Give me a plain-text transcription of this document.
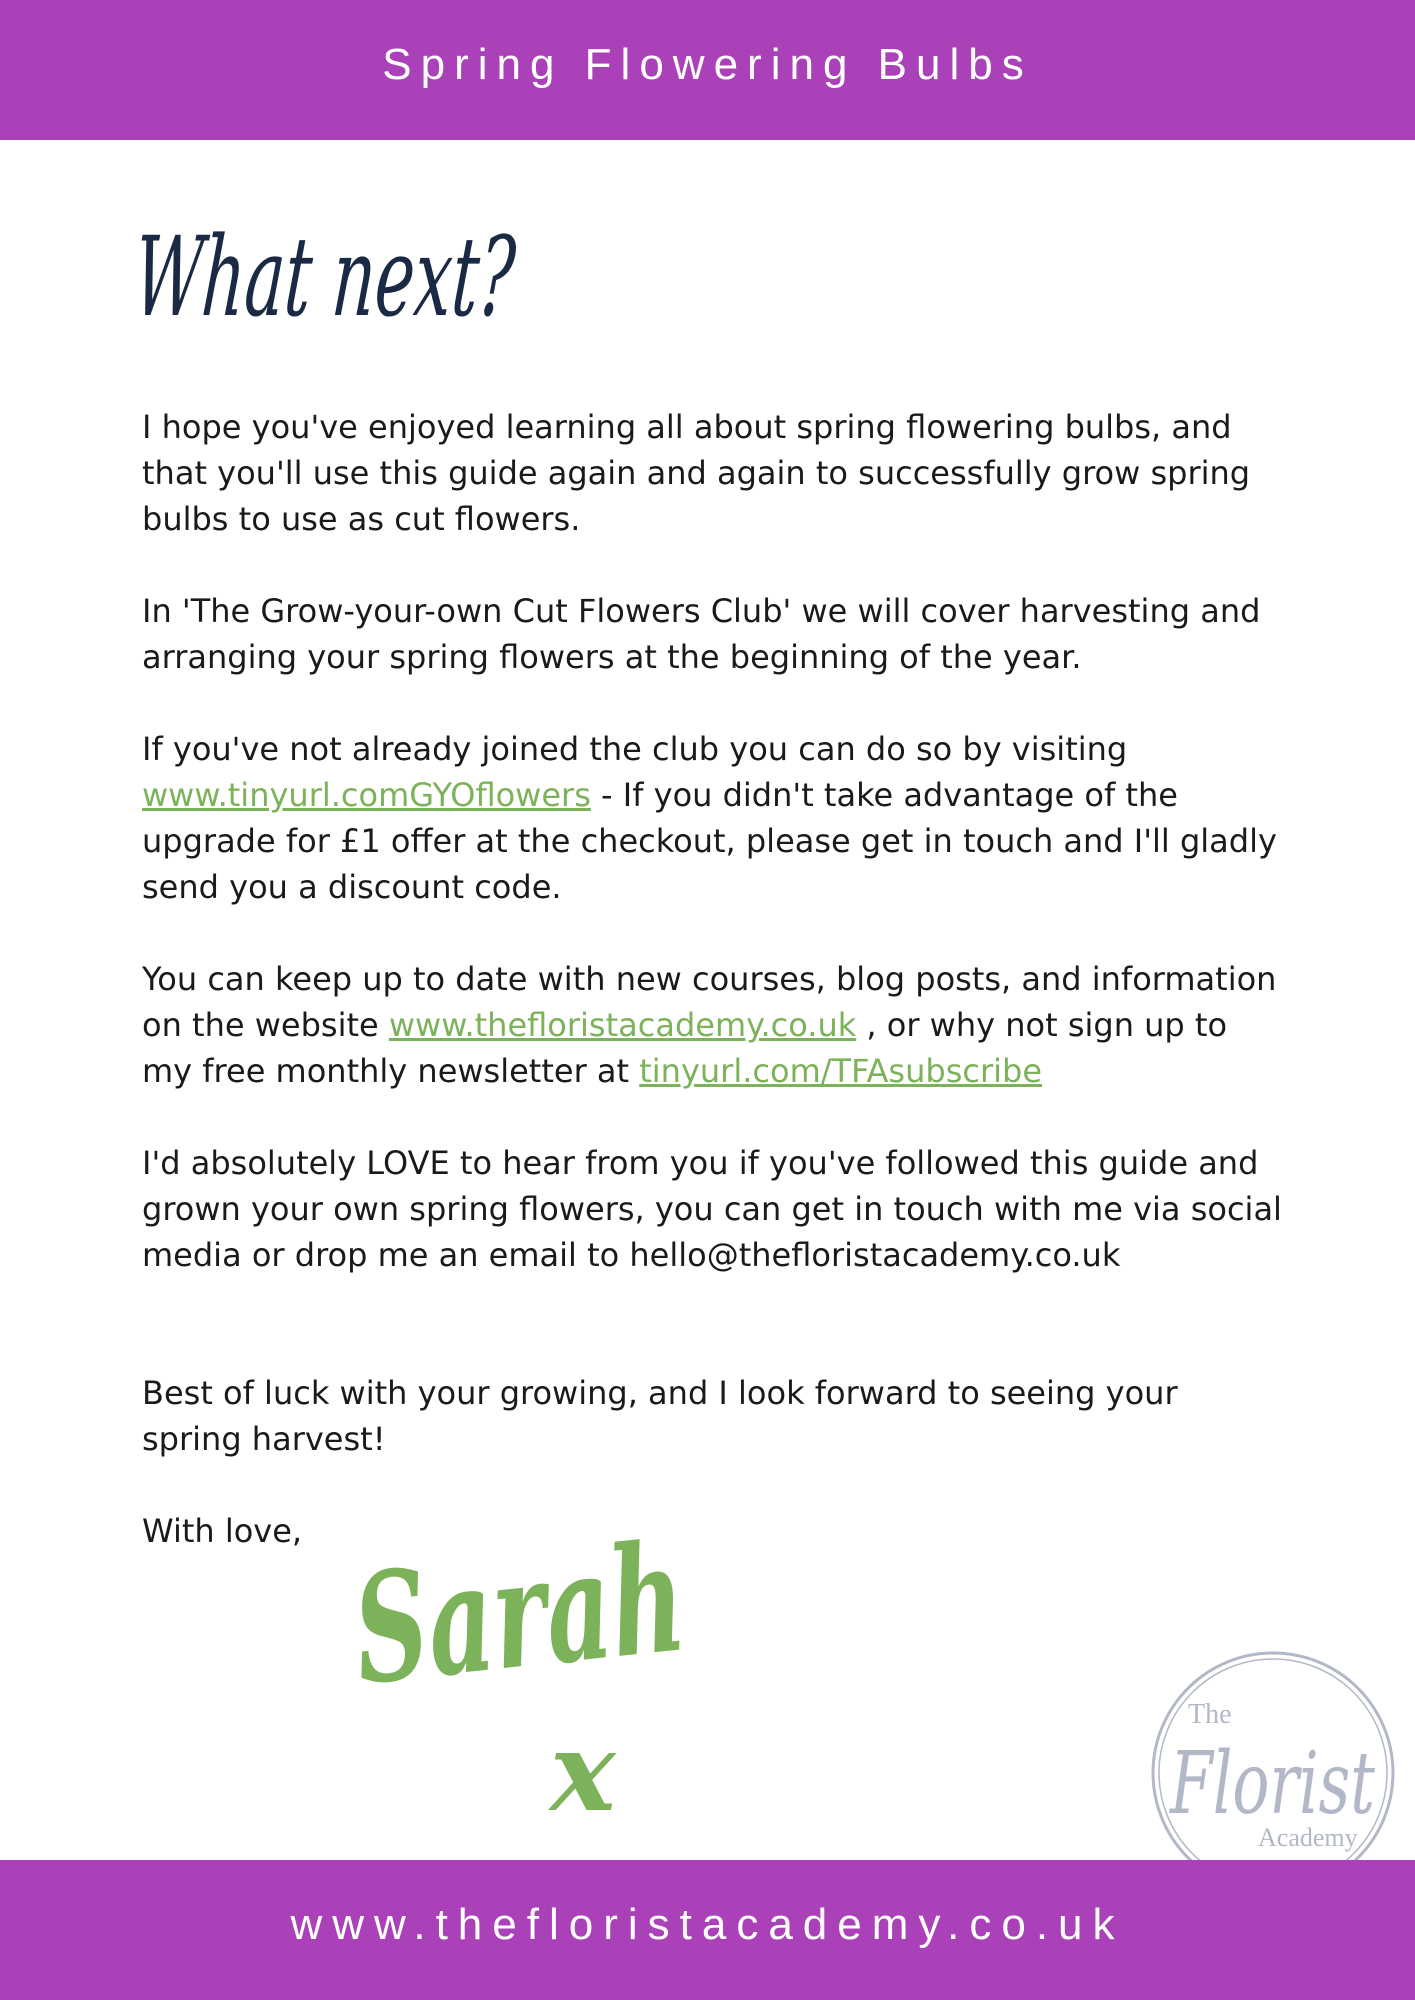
Spring Flowering Bulbs
What next?

I hope you've enjoyed learning all about spring flowering bulbs, and that you'll use this guide again and again to successfully grow spring bulbs to use as cut flowers.

In 'The Grow-your-own Cut Flowers Club' we will cover harvesting and arranging your spring flowers at the beginning of the year.

If you've not already joined the club you can do so by visiting
www.tinyurl.comGYOflowers - If you didn't take advantage of the upgrade for £1 offer at the checkout, please get in touch and I'll gladly send you a discount code.

You can keep up to date with new courses, blog posts, and information on the website www.thefloristacademy.co.uk , or why not sign up to my free monthly newsletter at tinyurl.com/TFAsubscribe

I'd absolutely LOVE to hear from you if you've followed this guide and grown your own spring flowers, you can get in touch with me via social media or drop me an email to hello@thefloristacademy.co.uk

Best of luck with your growing, and I look forward to seeing your spring harvest!

With love, Sarah
x	The
Florist
Academy
www.thefloristacademy.co.uk
